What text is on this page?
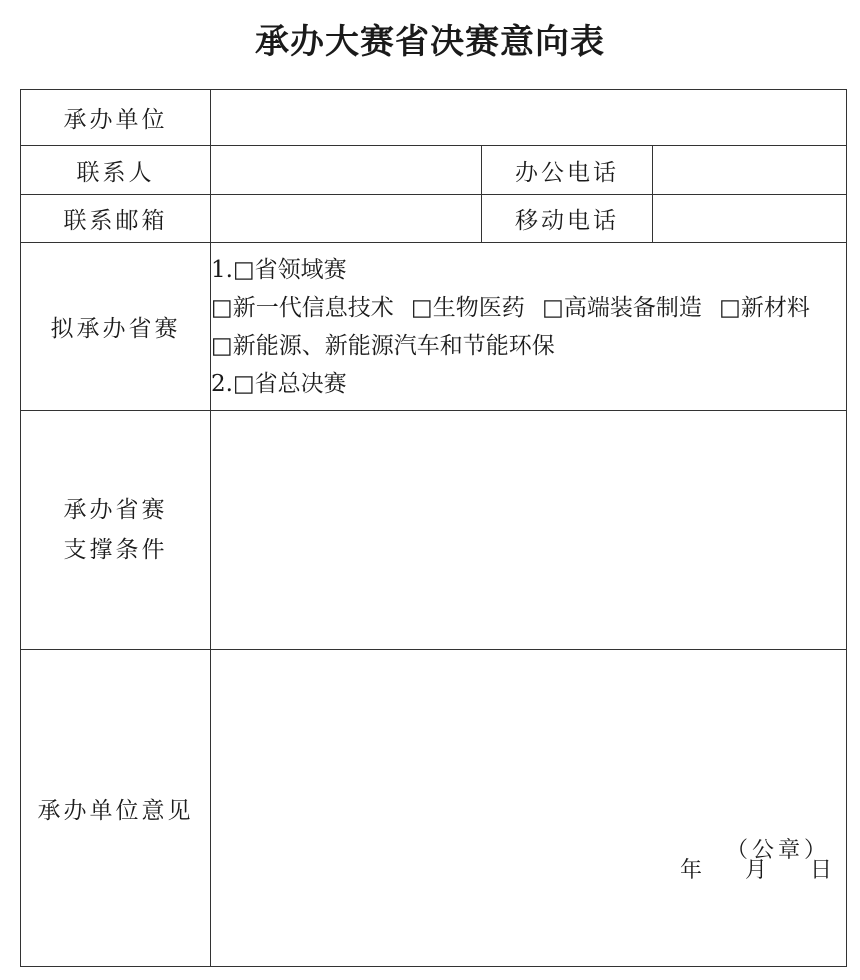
承办大赛省决赛意向表
承办单位			
联系人		办公电话	
联系邮箱		移动电话	
拟承办省赛	1.□省领域赛
□新一代信息技术 □生物医药 □高端装备制造 □新材料 □新能源、新能源汽车和节能环保
2.□省总决赛		

承办省赛
支撑条件			

承办单位意见	（公章）
年 月 日		
